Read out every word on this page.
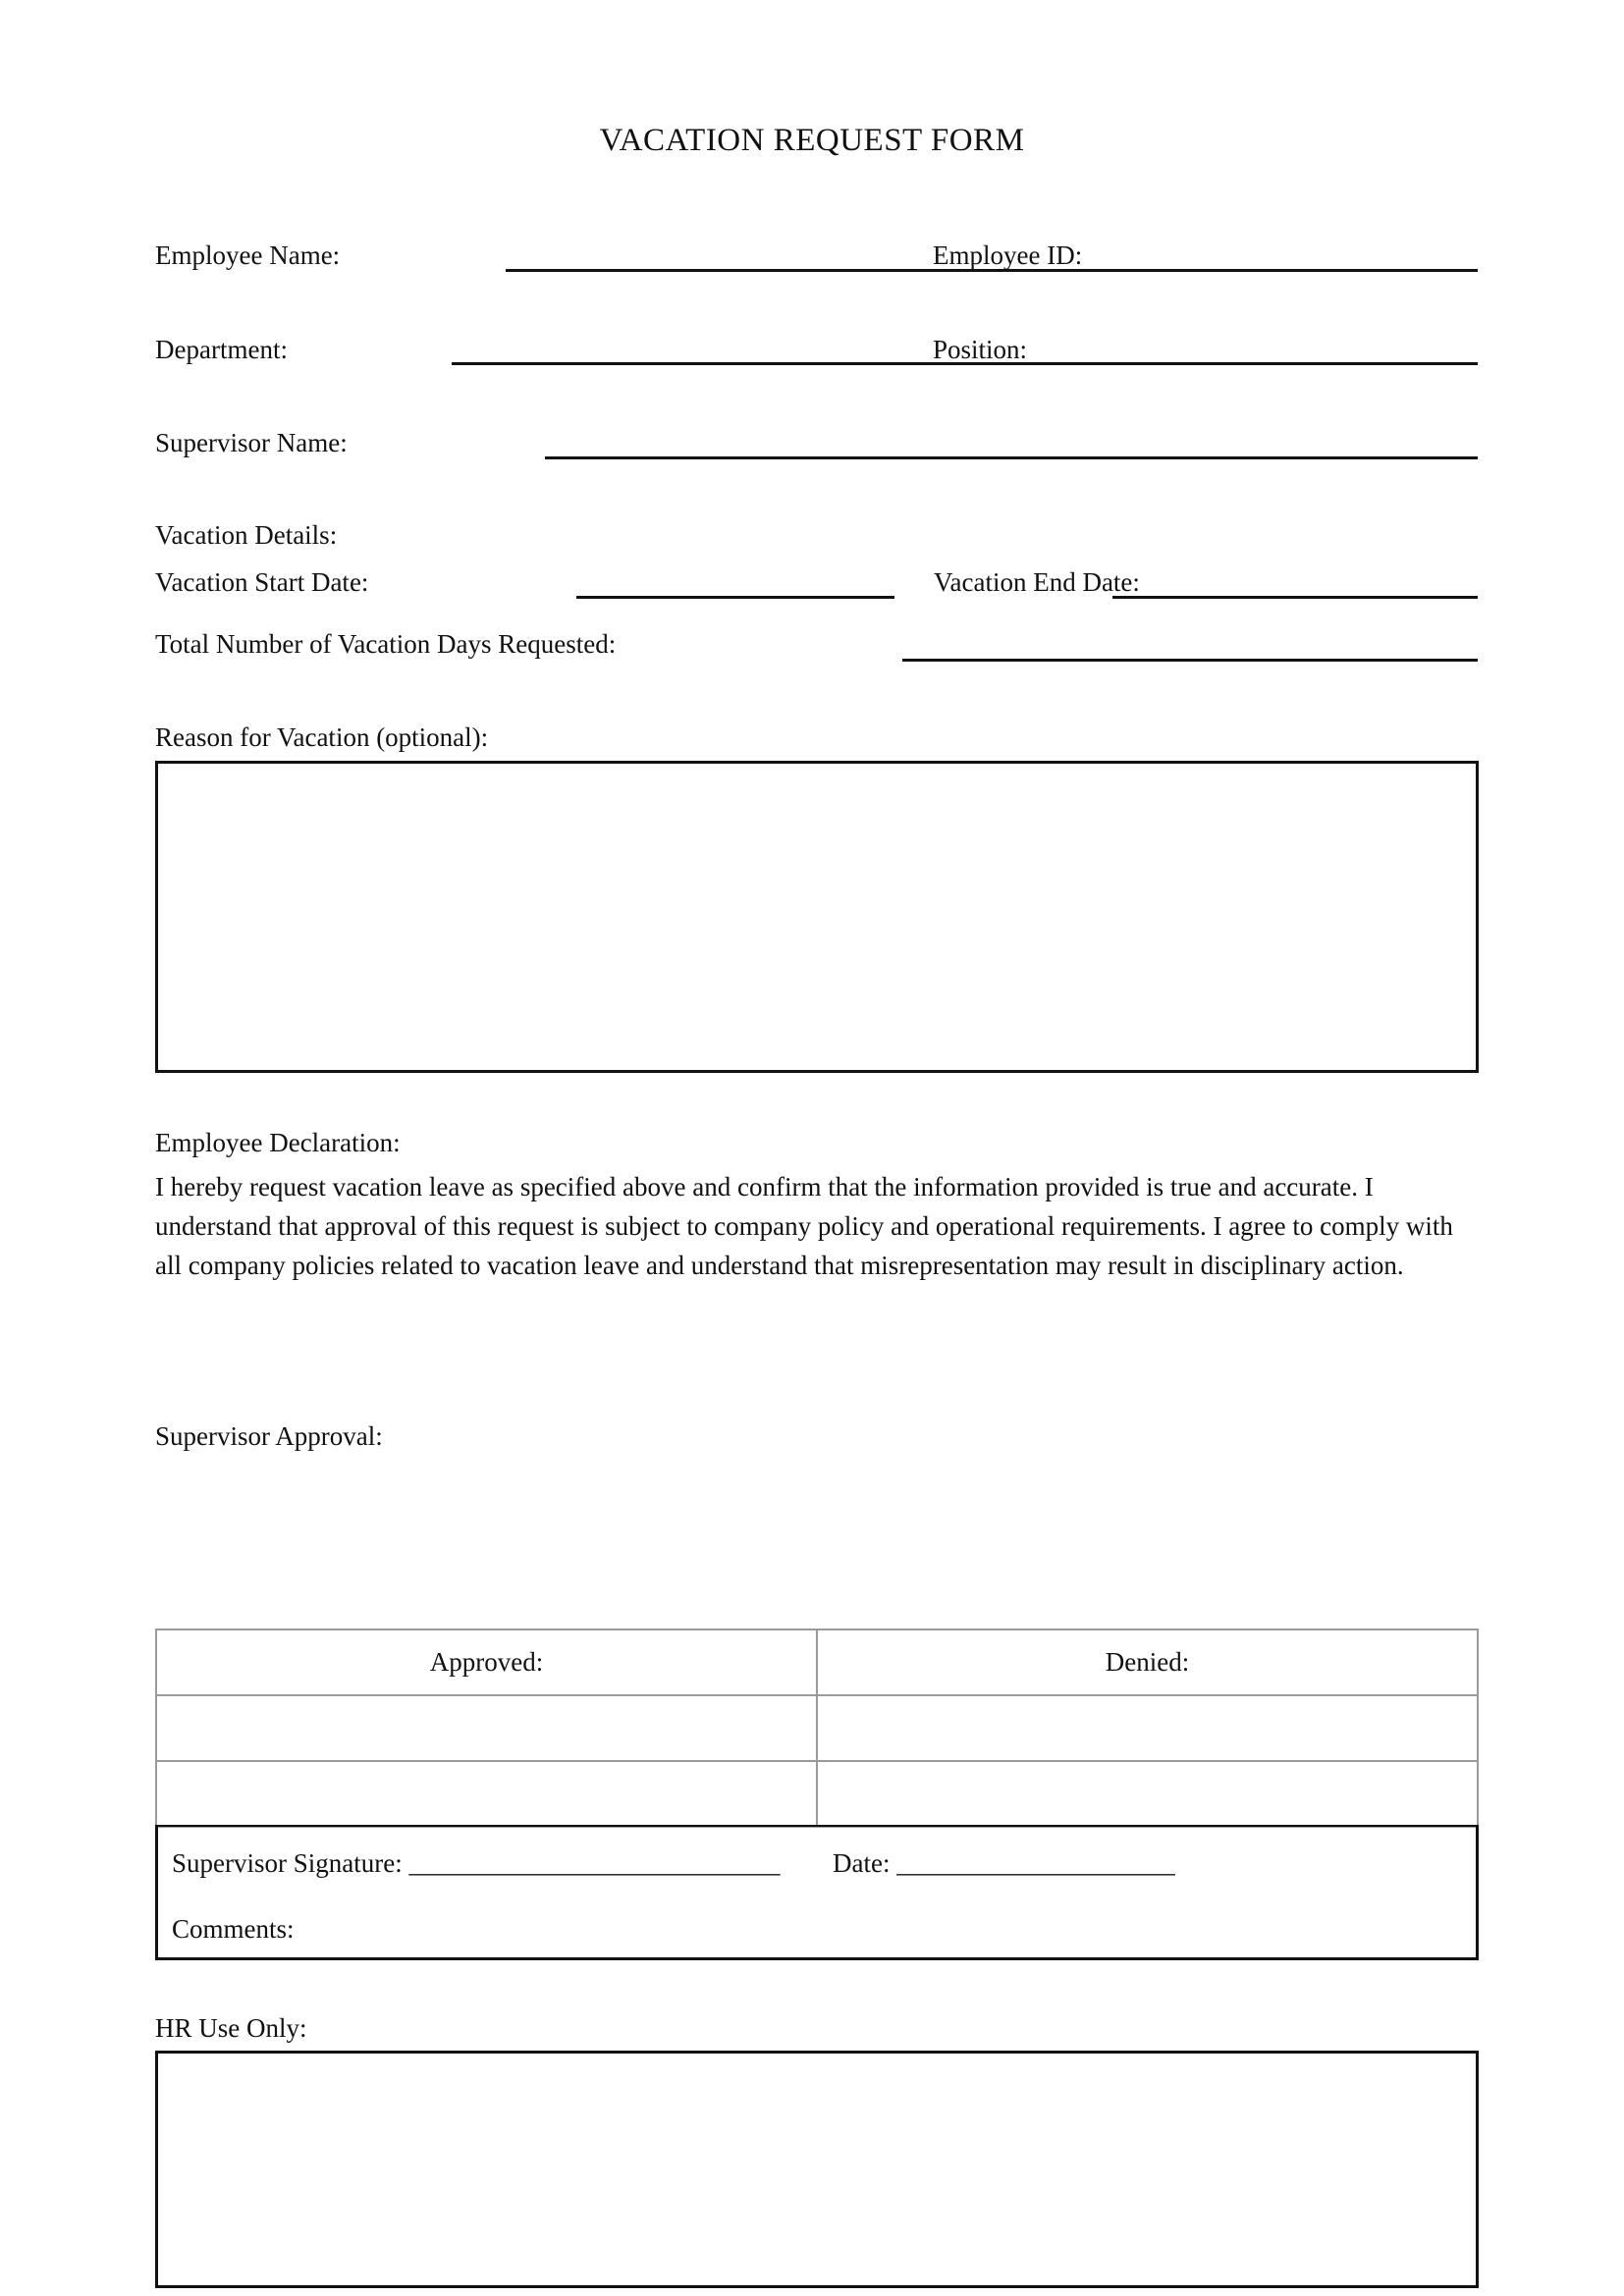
VACATION REQUEST FORM
Employee Name:	Employee ID:
Department:	Position:
Supervisor Name:
Vacation Details:
Vacation Start Date:	Vacation End Date:
Total Number of Vacation Days Requested:
Reason for Vacation (optional):
Employee Declaration:
I hereby request vacation leave as specified above and confirm that the information provided is true and accurate. I understand that approval of this request is subject to company policy and operational requirements. I agree to comply with all company policies related to vacation leave and understand that misrepresentation may result in disciplinary action.
Supervisor Approval:
Approved:	Denied:

Supervisor Signature: ____________________________ Date: _____________________
Comments:
HR Use Only:
